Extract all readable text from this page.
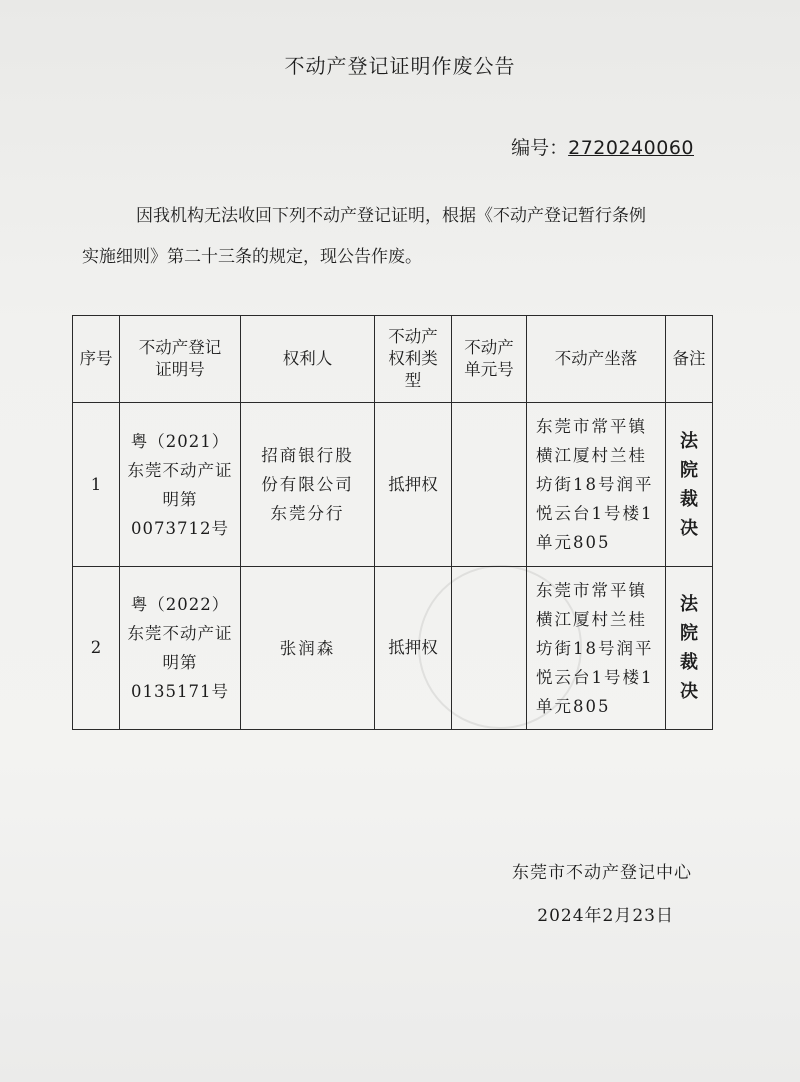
不动产登记证明作废公告
编号：2720240060
因我机构无法收回下列不动产登记证明，根据《不动产登记暂行条例
实施细则》第二十三条的规定，现公告作废。
序号	不动产登记证明号	权利人	不动产权利类型	不动产单元号	不动产坐落	备注
1	粤（2021）东莞不动产证明第0073712号	招商银行股份有限公司东莞分行	抵押权		东莞市常平镇横江厦村兰桂坊街18号润平悦云台1号楼1单元805	法院裁决
2	粤（2022）东莞不动产证明第0135171号	张润森	抵押权		东莞市常平镇横江厦村兰桂坊街18号润平悦云台1号楼1单元805	法院裁决
东莞市不动产登记中心
2024年2月23日
